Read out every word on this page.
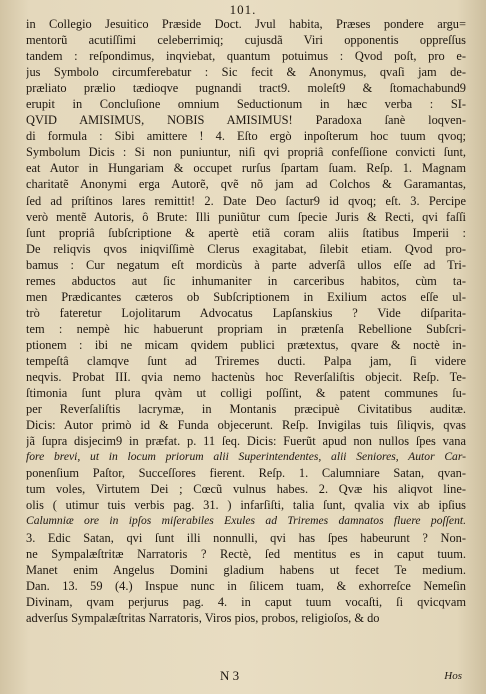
101.
in Collegio Jesuitico Præside Doct. Jvul habita, Præses pondere argu=
mentorũ acutiſſimi celeberrimiq; cujusdã Viri opponentis oppreſſus
tandem : reſpondimus, inqviebat, quantum potuimus : Qvod poſt, pro e-
jus Symbolo circumferebatur : Sic fecit & Anonymus, qvaſi jam de-
præliato prælio tædioqve pugnandi tract9. moleſt9 & ſtomachabund9
erupit in Concluſione omnium Seductionum in hæc verba : SI-
QVID AMISIMUS, NOBIS AMISIMUS! Paradoxa ſanè loqven-
di formula : Sibi amittere ! 4. Eſto ergò inpoſterum hoc tuum qvoq;
Symbolum Dicis : Si non puniuntur, niſi qvi propriâ confeſſione convicti ſunt,
eat Autor in Hungariam & occupet rurſus ſpartam ſuam. Reſp. 1. Magnam
charitatẽ Anonymi erga Autorẽ, qvẽ nõ jam ad Colchos & Garamantas,
ſed ad priſtinos lares remittit! 2. Date Deo ſactur9 id qvoq; eſt. 3. Percipe
verò mentẽ Autoris, ô Brute: Illi puniũtur cum ſpecie Juris & Recti, qvi faſſi
ſunt propriâ ſubſcriptione & apertè etiã coram aliis ſtatibus Imperii :
De reliqvis qvos iniqviſſimè Clerus exagitabat, ſilebit etiam. Qvod pro-
bamus : Cur negatum eſt mordicùs à parte adverſâ ullos eſſe ad Tri-
remes abductos aut ſic inhumaniter in carceribus habitos, cùm ta-
men Prædicantes cæteros ob Subſcriptionem in Exilium actos eſſe ul-
trò fateretur Lojolitarum Advocatus Lapſanskius ? Vide diſparita-
tem : nempè hic habuerunt propriam in prætenſa Rebellione Subſcri-
ptionem : ibi ne micam qvidem publici prætextus, qvare & noctè in-
tempeſtâ clamqve ſunt ad Triremes ducti. Palpa jam, ſi videre
neqvis. Probat III. qvia nemo hactenùs hoc Reverſaliſtis objecit. Reſp. Te-
ſtimonia ſunt plura qvàm ut colligi poſſint, & patent communes ſu-
per Reverſaliſtis lacrymæ, in Montanis præcipuè Civitatibus auditæ.
Dicis: Autor primò id & Funda objecerunt. Reſp. Invigilas tuis ſiliqvis, qvas
jã ſupra disjecim9 in præfat. p. 11 ſeq. Dicis: Fuerũt apud non nullos ſpes vana
fore brevi, ut in locum priorum alii Superintendentes, alii Seniores, Autor Car-
ponenſium Paſtor, Succeſſores fierent. Reſp. 1. Calumniare Satan, qvan-
tum voles, Virtutem Dei ; Cœcũ vulnus habes. 2. Qvæ his aliqvot line-
olis ( utimur tuis verbis pag. 31. ) infarſiſti, talia ſunt, qvalia vix ab ipſius
Calumniæ ore in ipſos miſerabiles Exules ad Triremes damnatos fluere poſſent.
3. Edic Satan, qvi ſunt illi nonnulli, qvi has ſpes habeurunt ? Non-
ne Sympalæſtritæ Narratoris ? Rectè, ſed mentitus es in caput tuum.
Manet enim Angelus Domini gladium habens ut fecet Te medium.
Dan. 13. 59 (4.) Inspue nunc in ſilicem tuam, & exhorreſce Nemeſin
Divinam, qvam perjurus pag. 4. in caput tuum vocaſti, ſi qvicqvam
adverſus Sympalæſtritas Narratoris, Viros pios, probos, religioſos, & do
N 3	Hos
